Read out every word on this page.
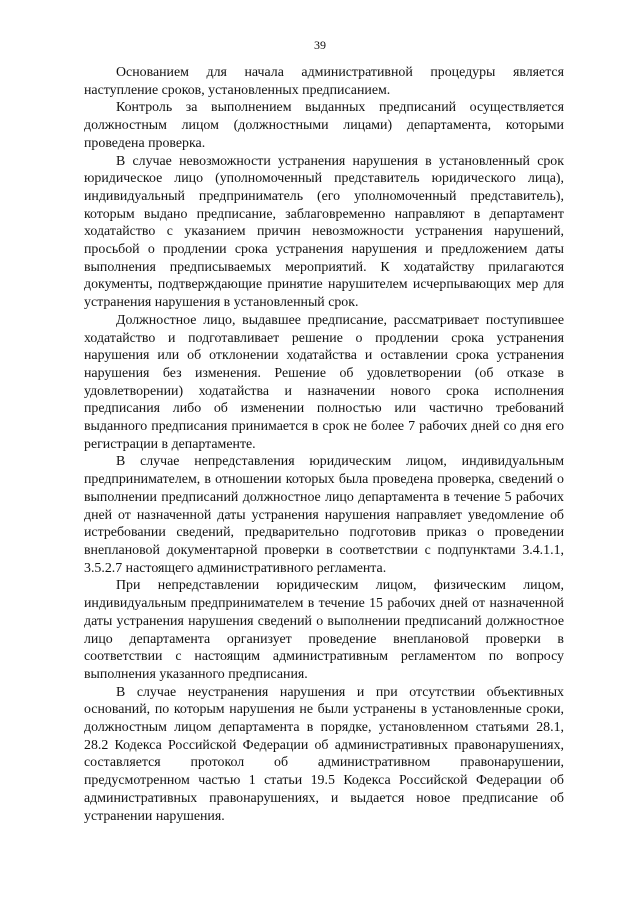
39

Основанием для начала административной процедуры является наступление сроков, установленных предписанием.

Контроль за выполнением выданных предписаний осуществляется должностным лицом (должностными лицами) департамента, которыми проведена проверка.

В случае невозможности устранения нарушения в установленный срок юридическое лицо (уполномоченный представитель юридического лица), индивидуальный предприниматель (его уполномоченный представитель), которым выдано предписание, заблаговременно направляют в департамент ходатайство с указанием причин невозможности устранения нарушений, просьбой о продлении срока устранения нарушения и предложением даты выполнения предписываемых мероприятий. К ходатайству прилагаются документы, подтверждающие принятие нарушителем исчерпывающих мер для устранения нарушения в установленный срок.

Должностное лицо, выдавшее предписание, рассматривает поступившее ходатайство и подготавливает решение о продлении срока устранения нарушения или об отклонении ходатайства и оставлении срока устранения нарушения без изменения. Решение об удовлетворении (об отказе в удовлетворении) ходатайства и назначении нового срока исполнения предписания либо об изменении полностью или частично требований выданного предписания принимается в срок не более 7 рабочих дней со дня его регистрации в департаменте.

В случае непредставления юридическим лицом, индивидуальным предпринимателем, в отношении которых была проведена проверка, сведений о выполнении предписаний должностное лицо департамента в течение 5 рабочих дней от назначенной даты устранения нарушения направляет уведомление об истребовании сведений, предварительно подготовив приказ о проведении внеплановой документарной проверки в соответствии с подпунктами 3.4.1.1, 3.5.2.7 настоящего административного регламента.

При непредставлении юридическим лицом, физическим лицом, индивидуальным предпринимателем в течение 15 рабочих дней от назначенной даты устранения нарушения сведений о выполнении предписаний должностное лицо департамента организует проведение внеплановой проверки в соответствии с настоящим административным регламентом по вопросу выполнения указанного предписания.

В случае неустранения нарушения и при отсутствии объективных оснований, по которым нарушения не были устранены в установленные сроки, должностным лицом департамента в порядке, установленном статьями 28.1, 28.2 Кодекса Российской Федерации об административных правонарушениях, составляется протокол об административном правонарушении, предусмотренном частью 1 статьи 19.5 Кодекса Российской Федерации об административных правонарушениях, и выдается новое предписание об устранении нарушения.
